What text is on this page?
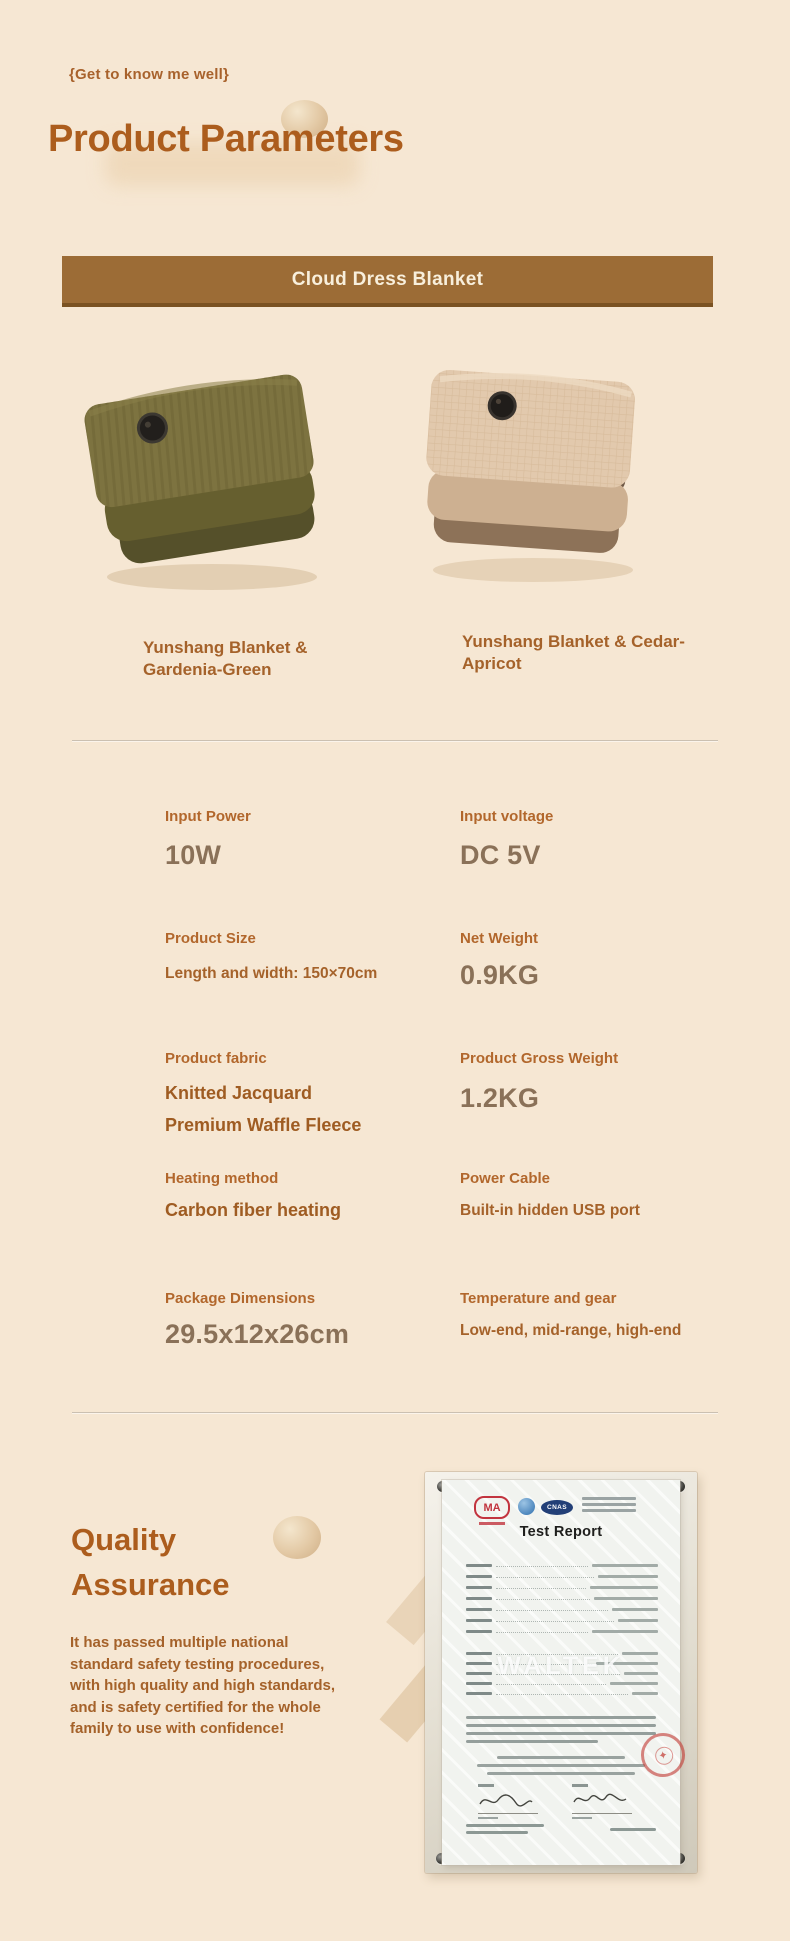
{Get to know me well}
Product Parameters
Cloud Dress Blanket
Yunshang Blanket &
Gardenia-Green
Yunshang Blanket & Cedar-
Apricot
Input Power
10W
Input voltage
DC 5V
Product Size
Length and width: 150×70cm
Net Weight
0.9KG
Product fabric
Knitted Jacquard
Premium Waffle Fleece
Product Gross Weight
1.2KG
Heating method
Carbon fiber heating
Power Cable
Built-in hidden USB port
Package Dimensions
29.5x12x26cm
Temperature and gear
Low-end, mid-range, high-end
Quality
Assurance
It has passed multiple national
standard safety testing procedures,
with high quality and high standards,
and is safety certified for the whole
family to use with confidence!
MA	CNAS
Test Report
WALTEK
✦
